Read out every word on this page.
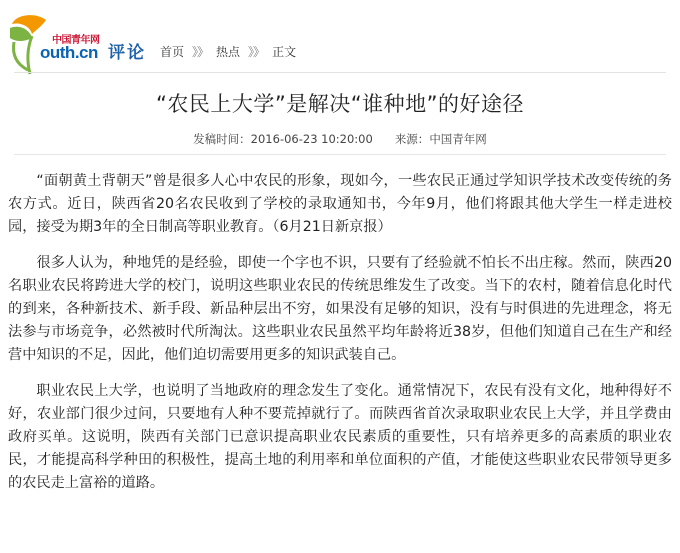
中国青年网
outh.cn 评论 首页 》》 热点 》》 正文
“农民上大学”是解决“谁种地”的好途径
发稿时间：2016-06-23 10:20:00 来源：中国青年网

“面朝黄土背朝天”曾是很多人心中农民的形象，现如今，一些农民正通过学知识学技术改变传统的务农方式。近日，陕西省20名农民收到了学校的录取通知书，今年9月，他们将跟其他大学生一样走进校园，接受为期3年的全日制高等职业教育。（6月21日新京报）

很多人认为，种地凭的是经验，即使一个字也不识，只要有了经验就不怕长不出庄稼。然而，陕西20名职业农民将跨进大学的校门，说明这些职业农民的传统思维发生了改变。当下的农村，随着信息化时代的到来，各种新技术、新手段、新品种层出不穷，如果没有足够的知识，没有与时俱进的先进理念，将无法参与市场竞争，必然被时代所淘汰。这些职业农民虽然平均年龄将近38岁，但他们知道自己在生产和经营中知识的不足，因此，他们迫切需要用更多的知识武装自己。

职业农民上大学，也说明了当地政府的理念发生了变化。通常情况下，农民有没有文化，地种得好不好，农业部门很少过问，只要地有人种不要荒掉就行了。而陕西省首次录取职业农民上大学，并且学费由政府买单。这说明，陕西有关部门已意识提高职业农民素质的重要性，只有培养更多的高素质的职业农民，才能提高科学种田的积极性，提高土地的利用率和单位面积的产值，才能使这些职业农民带领导更多的农民走上富裕的道路。
